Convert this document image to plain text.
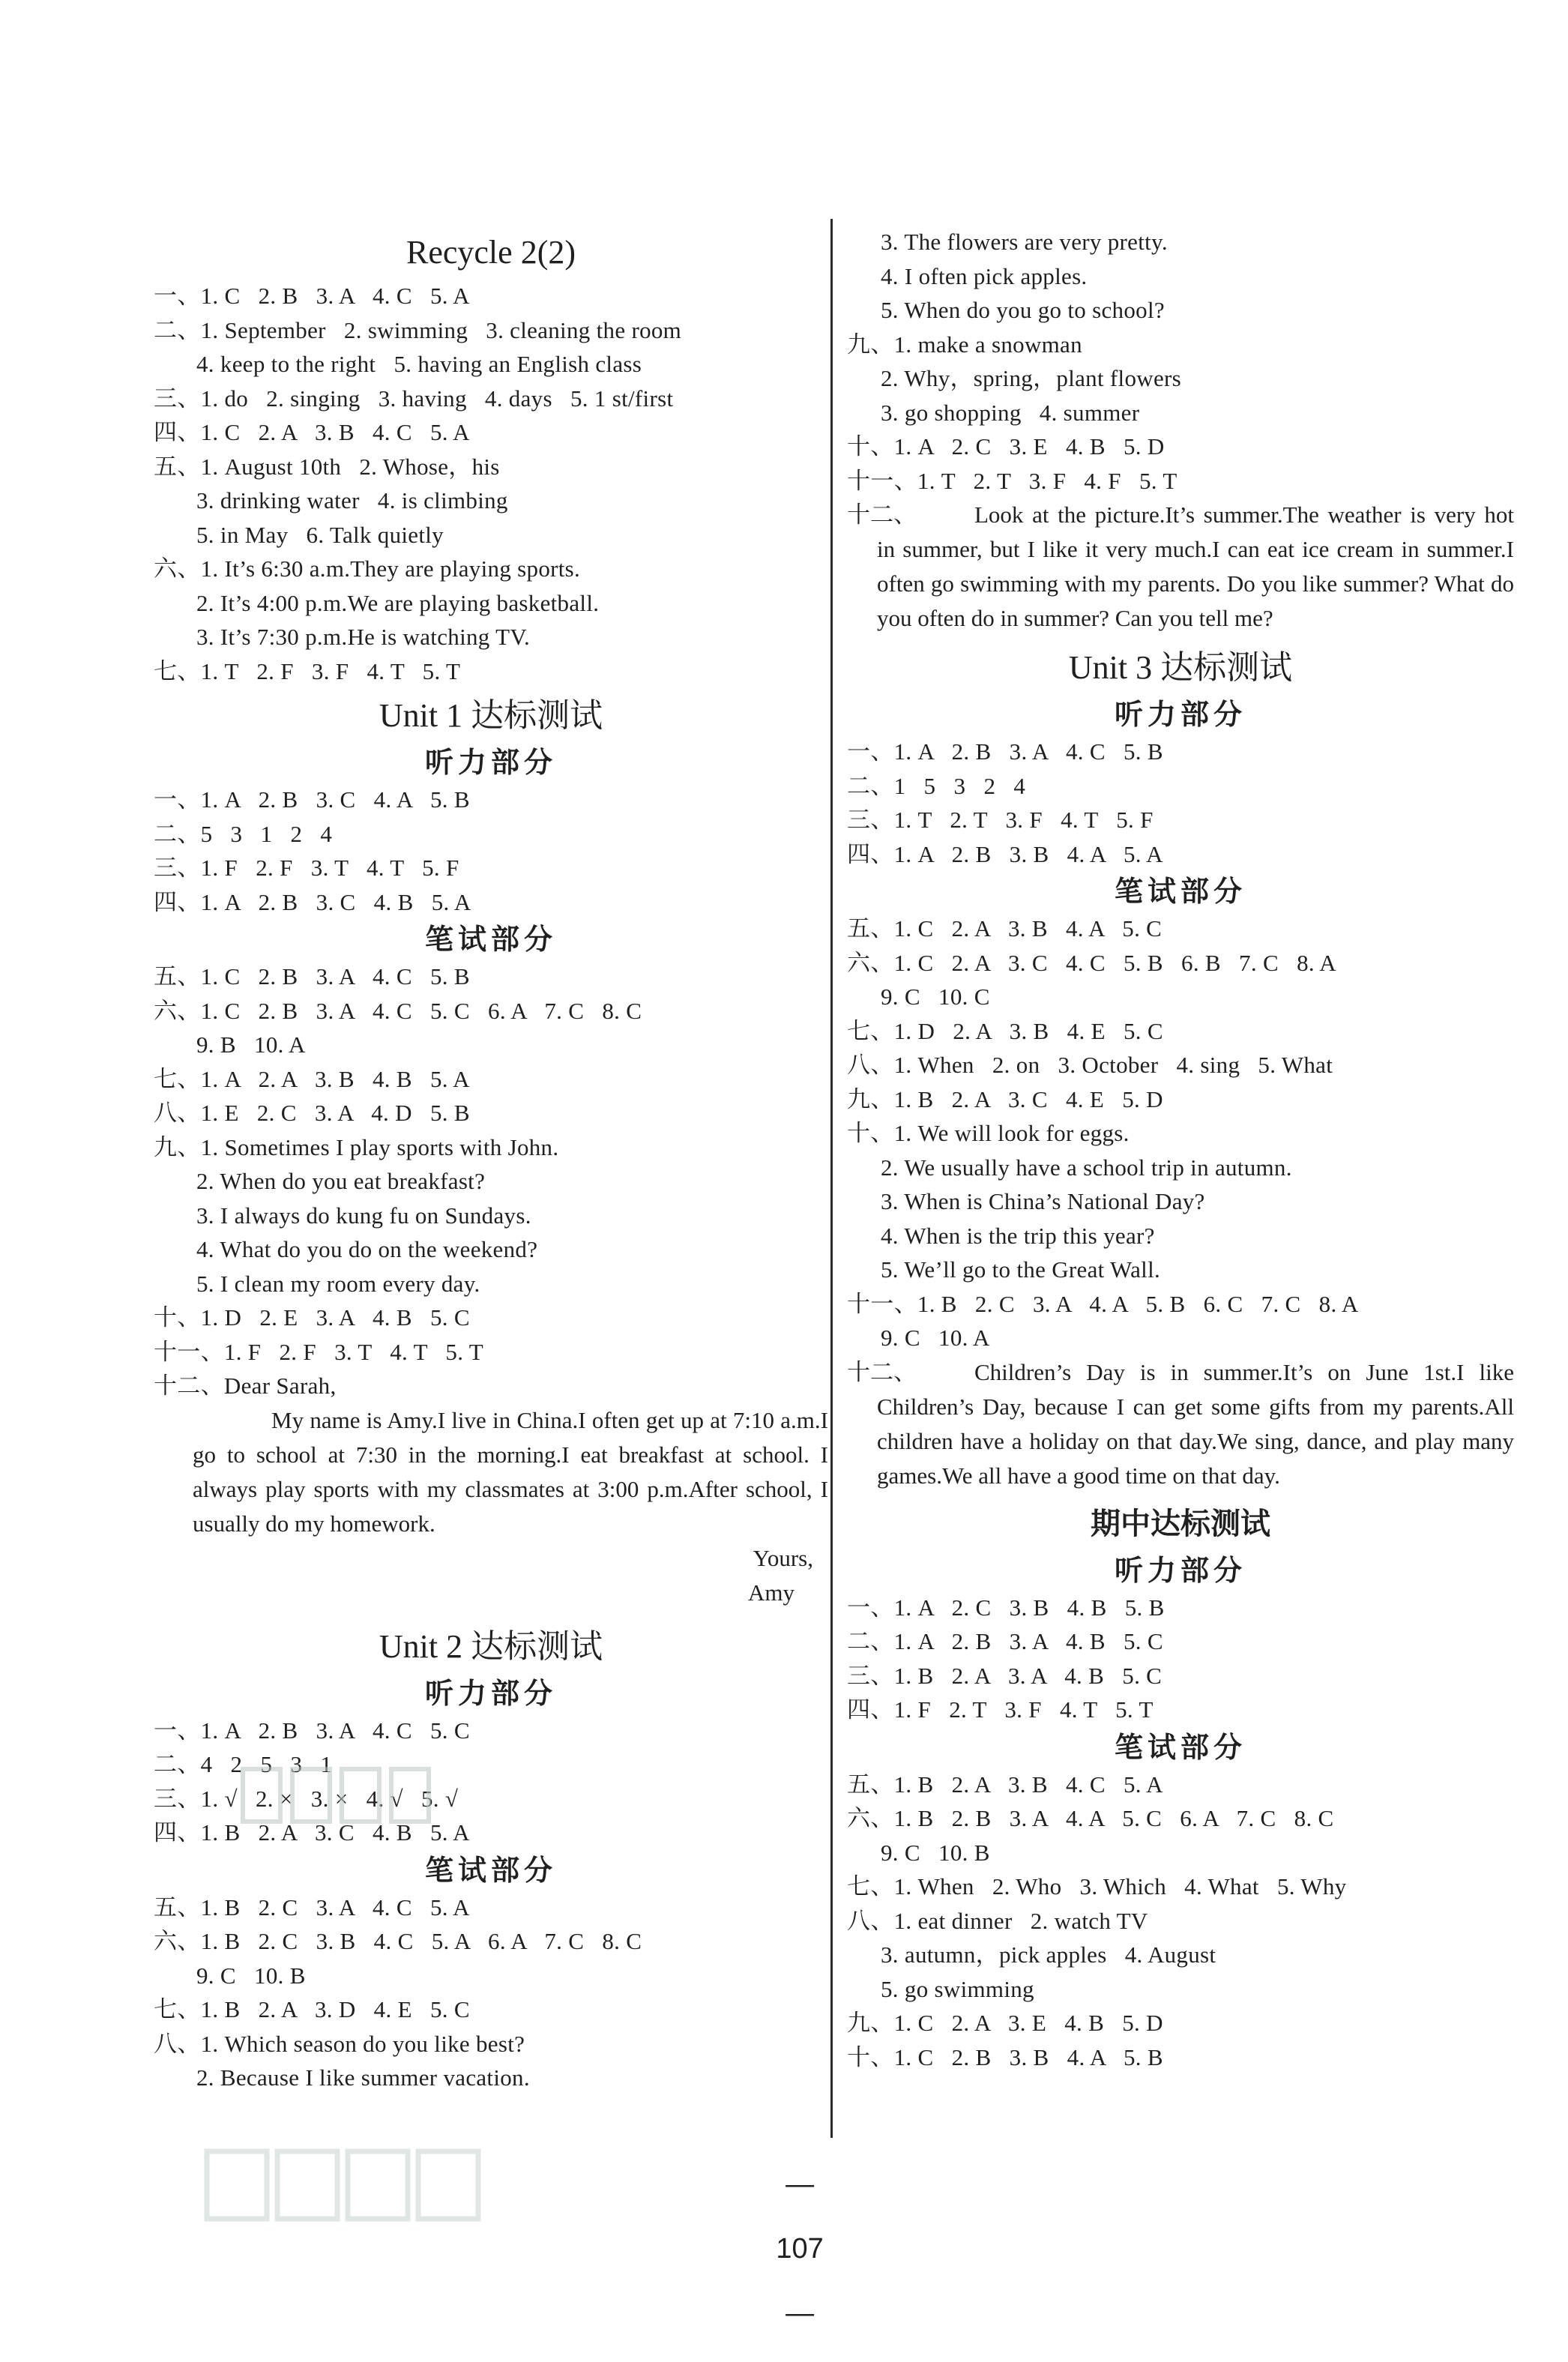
Recycle 2(2)
一、1. C   2. B   3. A   4. C   5. A
二、1. September   2. swimming   3. cleaning the room
4. keep to the right   5. having an English class
三、1. do   2. singing   3. having   4. days   5. 1 st/first
四、1. C   2. A   3. B   4. C   5. A
五、1. August 10th   2. Whose，his
3. drinking water   4. is climbing
5. in May   6. Talk quietly
六、1. It’s 6:30 a.m.They are playing sports.
2. It’s 4:00 p.m.We are playing basketball.
3. It’s 7:30 p.m.He is watching TV.
七、1. T   2. F   3. F   4. T   5. T
Unit 1 达标测试
听力部分
一、1. A   2. B   3. C   4. A   5. B
二、5   3   1   2   4
三、1. F   2. F   3. T   4. T   5. F
四、1. A   2. B   3. C   4. B   5. A
笔试部分
五、1. C   2. B   3. A   4. C   5. B
六、1. C   2. B   3. A   4. C   5. C   6. A   7. C   8. C
9. B   10. A
七、1. A   2. A   3. B   4. B   5. A
八、1. E   2. C   3. A   4. D   5. B
九、1. Sometimes I play sports with John.
2. When do you eat breakfast?
3. I always do kung fu on Sundays.
4. What do you do on the weekend?
5. I clean my room every day.
十、1. D   2. E   3. A   4. B   5. C
十一、1. F   2. F   3. T   4. T   5. T
十二、Dear Sarah,
My name is Amy.I live in China.I often get up at 7:10 a.m.I go to school at 7:30 in the morning.I eat breakfast at school. I always play sports with my classmates at 3:00 p.m.After school, I usually do my homework.
Yours,
Amy
Unit 2 达标测试
听力部分
一、1. A   2. B   3. A   4. C   5. C
二、4   2   5   3   1
三、1. √   2. ×   3. ×   4. √   5. √
四、1. B   2. A   3. C   4. B   5. A
笔试部分
五、1. B   2. C   3. A   4. C   5. A
六、1. B   2. C   3. B   4. C   5. A   6. A   7. C   8. C
9. C   10. B
七、1. B   2. A   3. D   4. E   5. C
八、1. Which season do you like best?
2. Because I like summer vacation.
3. The flowers are very pretty.
4. I often pick apples.
5. When do you go to school?
九、1. make a snowman
2. Why，spring，plant flowers
3. go shopping   4. summer
十、1. A   2. C   3. E   4. B   5. D
十一、1. T   2. T   3. F   4. F   5. T
十二、	Look at the picture.It’s summer.The weather is very hot in summer, but I like it very much.I can eat ice cream in summer.I often go swimming with my parents. Do you like summer? What do you often do in summer? Can you tell me?
Unit 3 达标测试
听力部分
一、1. A   2. B   3. A   4. C   5. B
二、1   5   3   2   4
三、1. T   2. T   3. F   4. T   5. F
四、1. A   2. B   3. B   4. A   5. A
笔试部分
五、1. C   2. A   3. B   4. A   5. C
六、1. C   2. A   3. C   4. C   5. B   6. B   7. C   8. A
9. C   10. C
七、1. D   2. A   3. B   4. E   5. C
八、1. When   2. on   3. October   4. sing   5. What
九、1. B   2. A   3. C   4. E   5. D
十、1. We will look for eggs.
2. We usually have a school trip in autumn.
3. When is China’s National Day?
4. When is the trip this year?
5. We’ll go to the Great Wall.
十一、1. B   2. C   3. A   4. A   5. B   6. C   7. C   8. A
9. C   10. A
十二、	Children’s Day is in summer.It’s on June 1st.I like Children’s Day, because I can get some gifts from my parents.All children have a holiday on that day.We sing, dance, and play many games.We all have a good time on that day.
期中达标测试
听力部分
一、1. A   2. C   3. B   4. B   5. B
二、1. A   2. B   3. A   4. B   5. C
三、1. B   2. A   3. A   4. B   5. C
四、1. F   2. T   3. F   4. T   5. T
笔试部分
五、1. B   2. A   3. B   4. C   5. A
六、1. B   2. B   3. A   4. A   5. C   6. A   7. C   8. C
9. C   10. B
七、1. When   2. Who   3. Which   4. What   5. Why
八、1. eat dinner   2. watch TV
3. autumn，pick apples   4. August
5. go swimming
九、1. C   2. A   3. E   4. B   5. D
十、1. C   2. B   3. B   4. A   5. B

—

107

—
